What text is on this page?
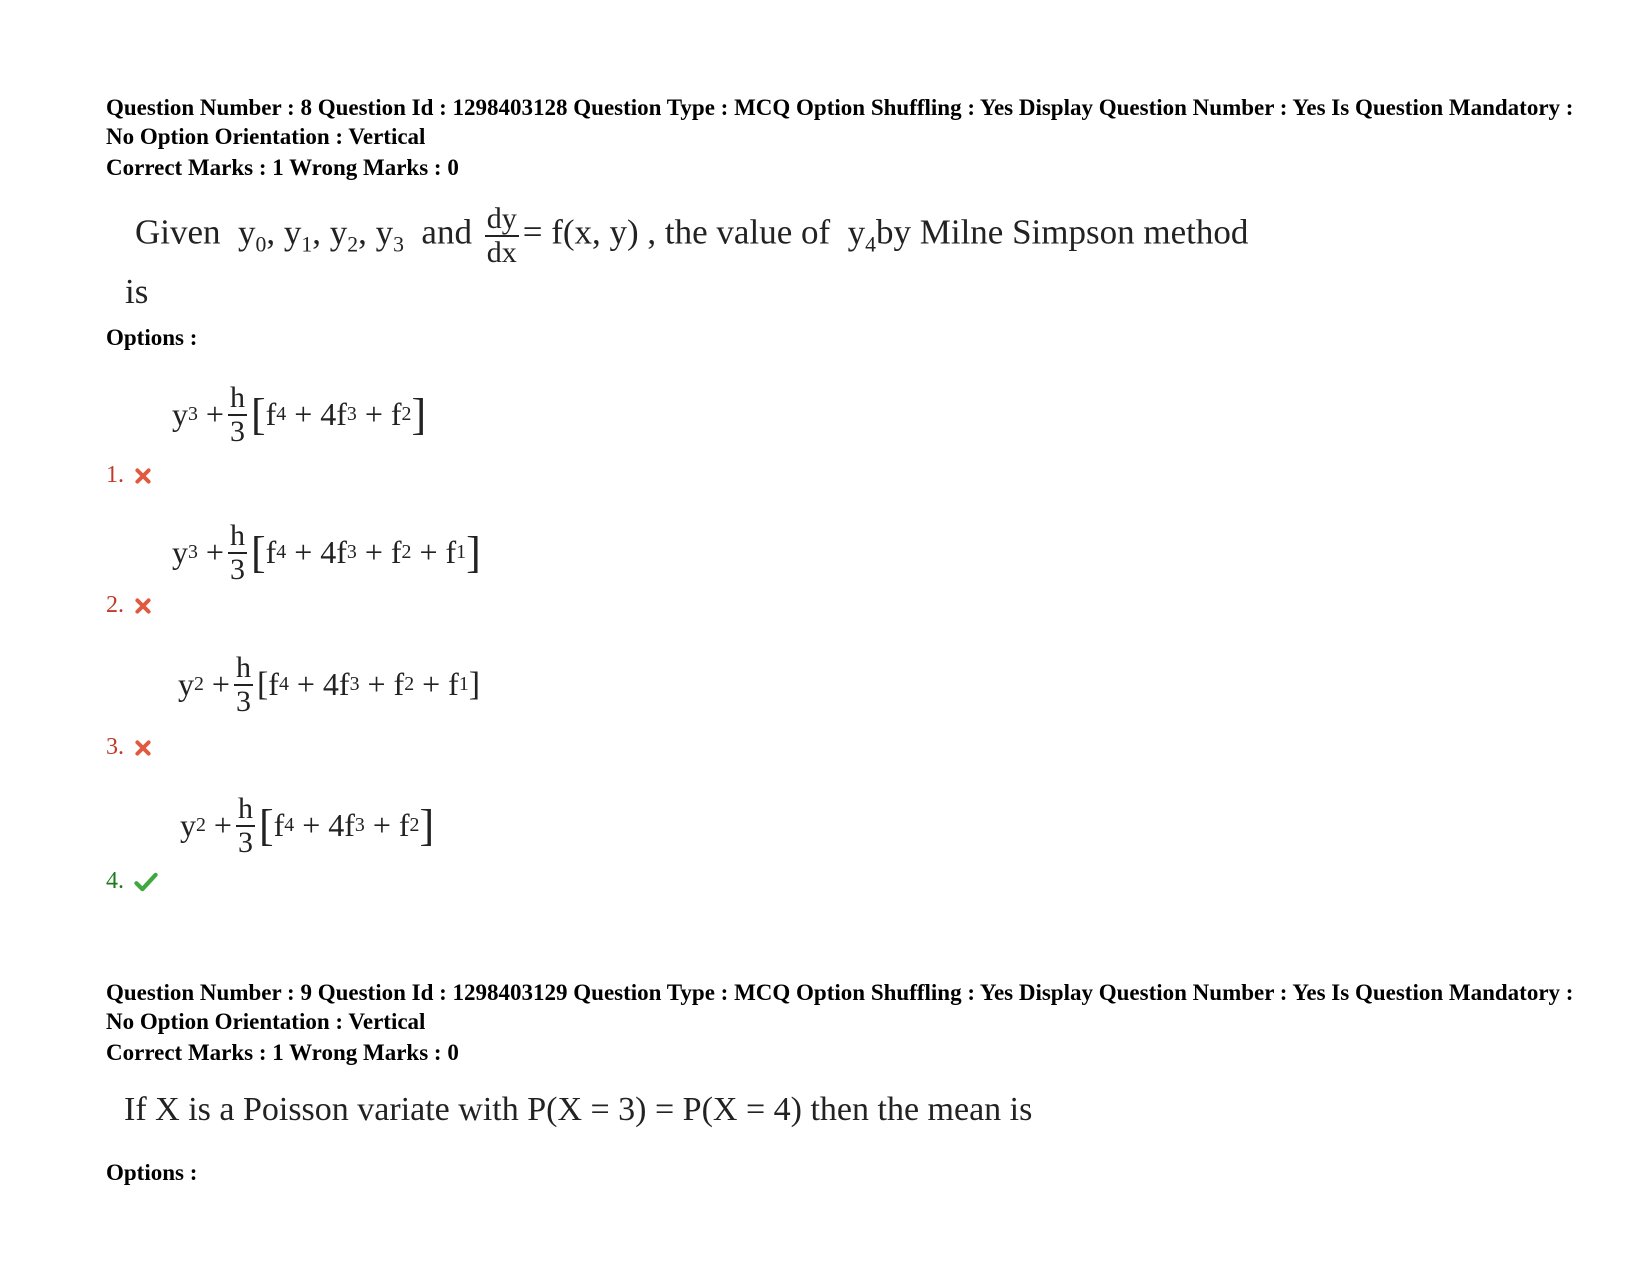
Question Number : 8 Question Id : 1298403128 Question Type : MCQ Option Shuffling : Yes Display Question Number : Yes Is Question Mandatory : No Option Orientation : Vertical
Correct Marks : 1 Wrong Marks : 0
Given $y_0$, $y_1$, $y_2$, $y_3$ and $\frac{dy}{dx} = f(x$, y) , the value of $y_4by$ Milne Simpson method
is
Options :
y 3
+ $\frac{h}{3}$ [ f 4 + 4f 3 + f 2 ]
1.
y 3
+ $\frac{h}{3}$ [ f 4 + 4f 3 + f 2 + f 1 ]
2.
y 2
+ $\frac{h}{3}$ [ f 4 + 4f 3 + f 2 + f 1 ]
3.
y 2
+ $\frac{h}{3}$ [ f 4 + 4f 3 + f 2 ]
4.
Question Number : 9 Question Id : 1298403129 Question Type : MCQ Option Shuffling : Yes Display Question Number : Yes Is Question Mandatory : No Option Orientation : Vertical
Correct Marks : 1 Wrong Marks : 0
If X is a Poisson variate with P(X = 3) = P(X = 4) then the mean is
Options :
